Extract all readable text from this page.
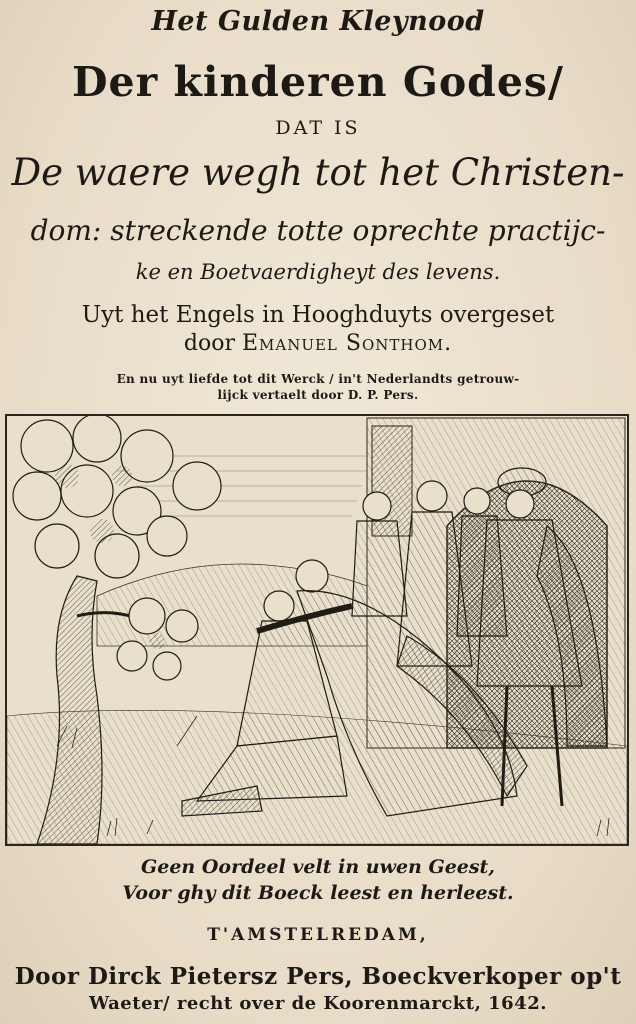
Het Gulden Kleynood
Der kinderen Godes/
DAT IS
De waere wegh tot het Christen-
dom: streckende totte oprechte practijc-
ke en Boetvaerdigheyt des levens.
Uyt het Engels in Hooghduyts overgeset
door Emanuel Sonthom.
En nu uyt liefde tot dit Werck / in't Nederlandts getrouw-
lijck vertaelt door D. P. Pers.
Geen Oordeel velt in uwen Geest,
Voor ghy dit Boeck leest en herleest.
T'AMSTELREDAM,
Door Dirck Pietersz Pers, Boeckverkoper op't
Waeter/ recht over de Koorenmarckt, 1642.
